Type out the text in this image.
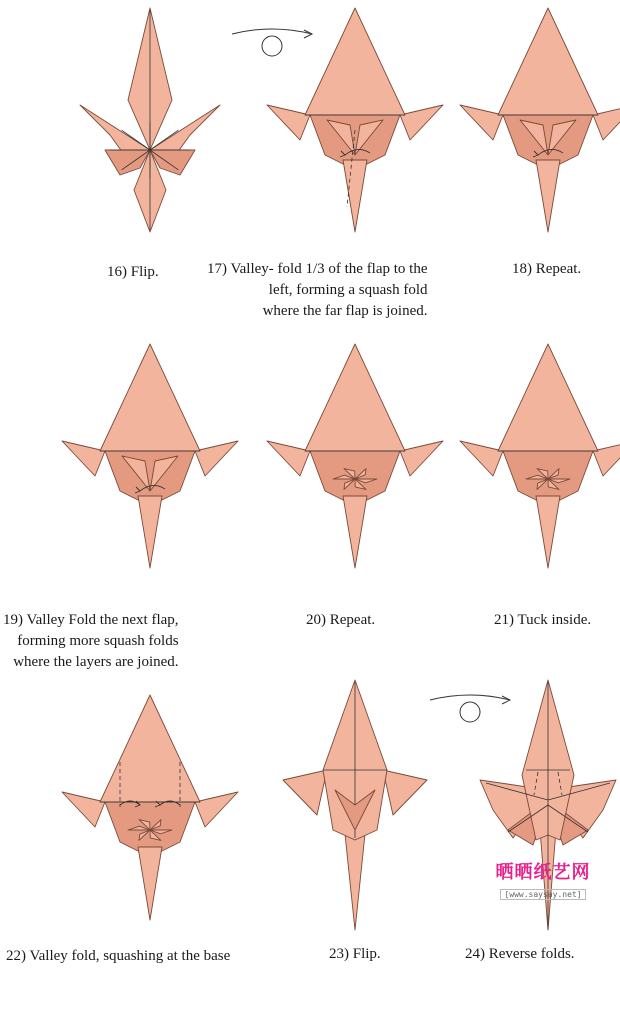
16) Flip.	17) Valley- fold 1/3 of the flap to the
left, forming a squash fold
where the far flap is joined.
18) Repeat.
19) Valley Fold the next flap,
forming more squash folds
where the layers are joined.
20) Repeat.	21) Tuck inside.
22) Valley fold, squashing at the base	23) Flip.	24) Reverse folds.
晒晒纸艺网
[www.saysay.net]
